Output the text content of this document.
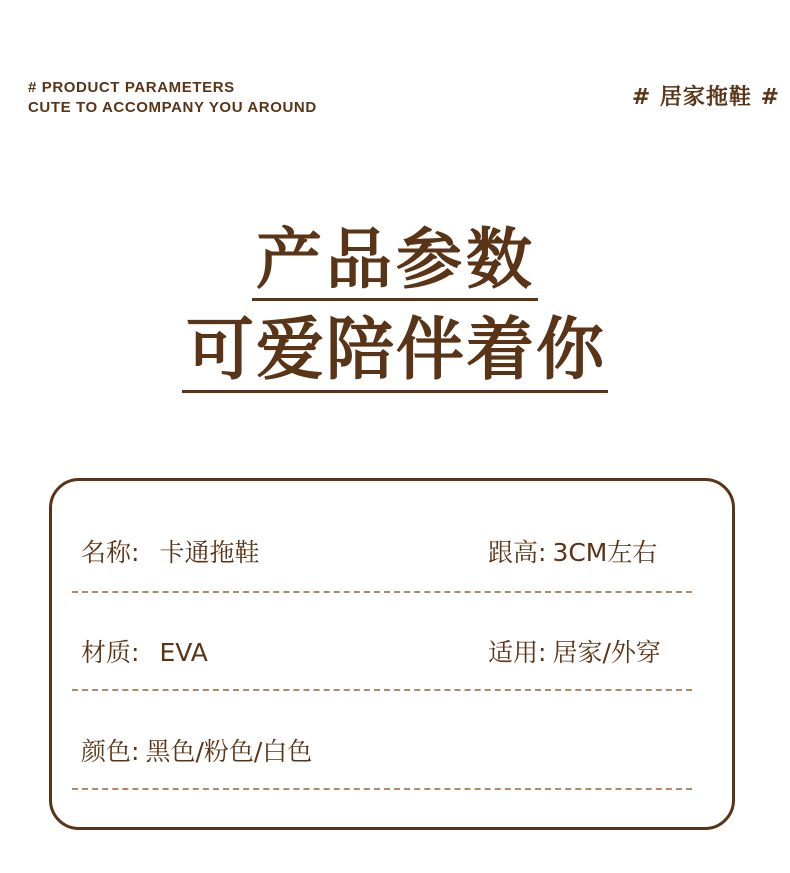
# PRODUCT PARAMETERS
CUTE TO ACCOMPANY YOU AROUND	# 居家拖鞋 #
产品参数
可爱陪伴着你
名称: 卡通拖鞋	跟高: 3CM左右
材质: EVA	适用: 居家/外穿
颜色: 黑色/粉色/白色
